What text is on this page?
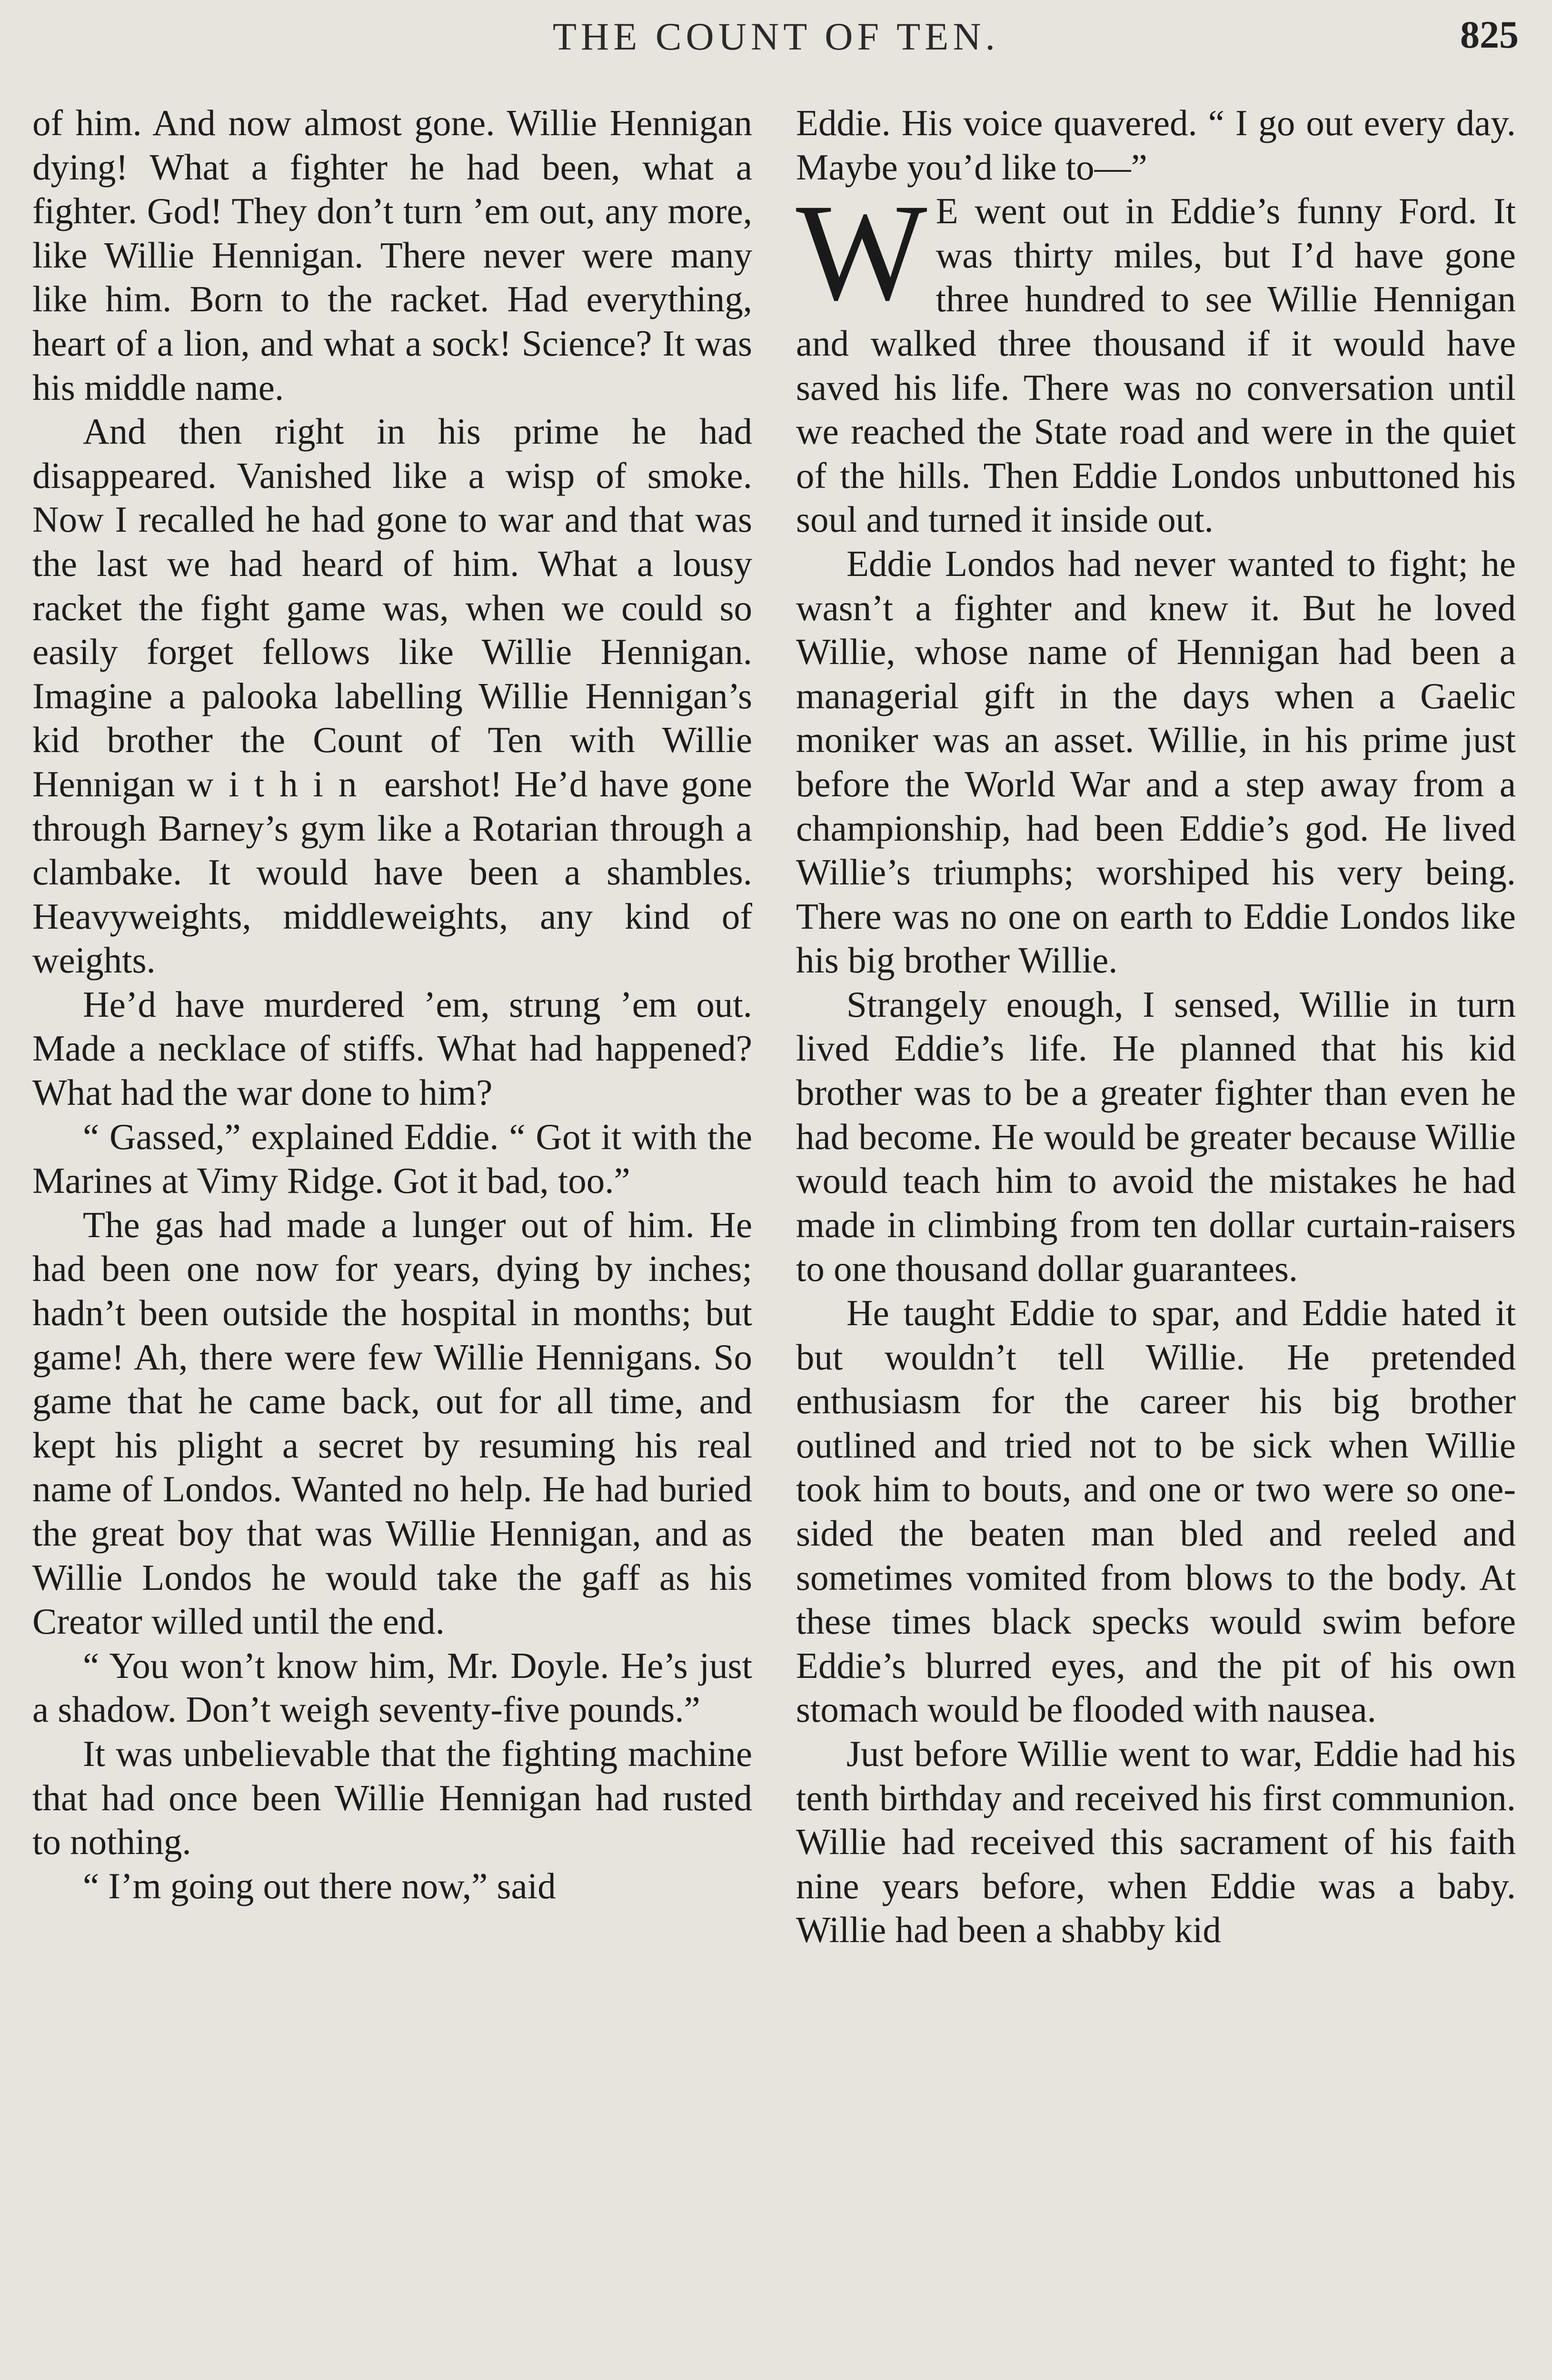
THE COUNT OF TEN.	825

of him. And now almost gone. Willie Hennigan dying! What a fighter he had been, what a fighter. God! They don’t turn ’em out, any more, like Willie Hennigan. There never were many like him. Born to the racket. Had everything, heart of a lion, and what a sock! Science? It was his middle name.

And then right in his prime he had disappeared. Vanished like a wisp of smoke. Now I recalled he had gone to war and that was the last we had heard of him. What a lousy racket the fight game was, when we could so easily forget fellows like Willie Hennigan. Imagine a palooka labelling Willie Hennigan’s kid brother the Count of Ten with Willie Hennigan within earshot! He’d have gone through Barney’s gym like a Rotarian through a clambake. It would have been a shambles. Heavyweights, middleweights, any kind of weights.

He’d have murdered ’em, strung ’em out. Made a necklace of stiffs. What had happened? What had the war done to him?

“ Gassed,” explained Eddie. “ Got it with the Marines at Vimy Ridge. Got it bad, too.”

The gas had made a lunger out of him. He had been one now for years, dying by inches; hadn’t been outside the hospital in months; but game! Ah, there were few Willie Hennigans. So game that he came back, out for all time, and kept his plight a secret by resuming his real name of Londos. Wanted no help. He had buried the great boy that was Willie Hennigan, and as Willie Londos he would take the gaff as his Creator willed until the end.

“ You won’t know him, Mr. Doyle. He’s just a shadow. Don’t weigh seventy-five pounds.”

It was unbelievable that the fighting machine that had once been Willie Hennigan had rusted to nothing.

“ I’m going out there now,” said

Eddie. His voice quavered. “ I go out every day. Maybe you’d like to—”

W E went out in Eddie’s funny Ford. It was thirty miles, but I’d have gone three hundred to see Willie Hennigan and walked three thousand if it would have saved his life. There was no conversation until we reached the State road and were in the quiet of the hills. Then Eddie Londos unbuttoned his soul and turned it inside out.

Eddie Londos had never wanted to fight; he wasn’t a fighter and knew it. But he loved Willie, whose name of Hennigan had been a managerial gift in the days when a Gaelic moniker was an asset. Willie, in his prime just before the World War and a step away from a championship, had been Eddie’s god. He lived Willie’s triumphs; worshiped his very being. There was no one on earth to Eddie Londos like his big brother Willie.

Strangely enough, I sensed, Willie in turn lived Eddie’s life. He planned that his kid brother was to be a greater fighter than even he had become. He would be greater because Willie would teach him to avoid the mistakes he had made in climbing from ten dollar curtain-raisers to one thousand dollar guarantees.

He taught Eddie to spar, and Eddie hated it but wouldn’t tell Willie. He pretended enthusiasm for the career his big brother outlined and tried not to be sick when Willie took him to bouts, and one or two were so one-sided the beaten man bled and reeled and sometimes vomited from blows to the body. At these times black specks would swim before Eddie’s blurred eyes, and the pit of his own stomach would be flooded with nausea.

Just before Willie went to war, Eddie had his tenth birthday and received his first communion. Willie had received this sacrament of his faith nine years before, when Eddie was a baby. Willie had been a shabby kid
